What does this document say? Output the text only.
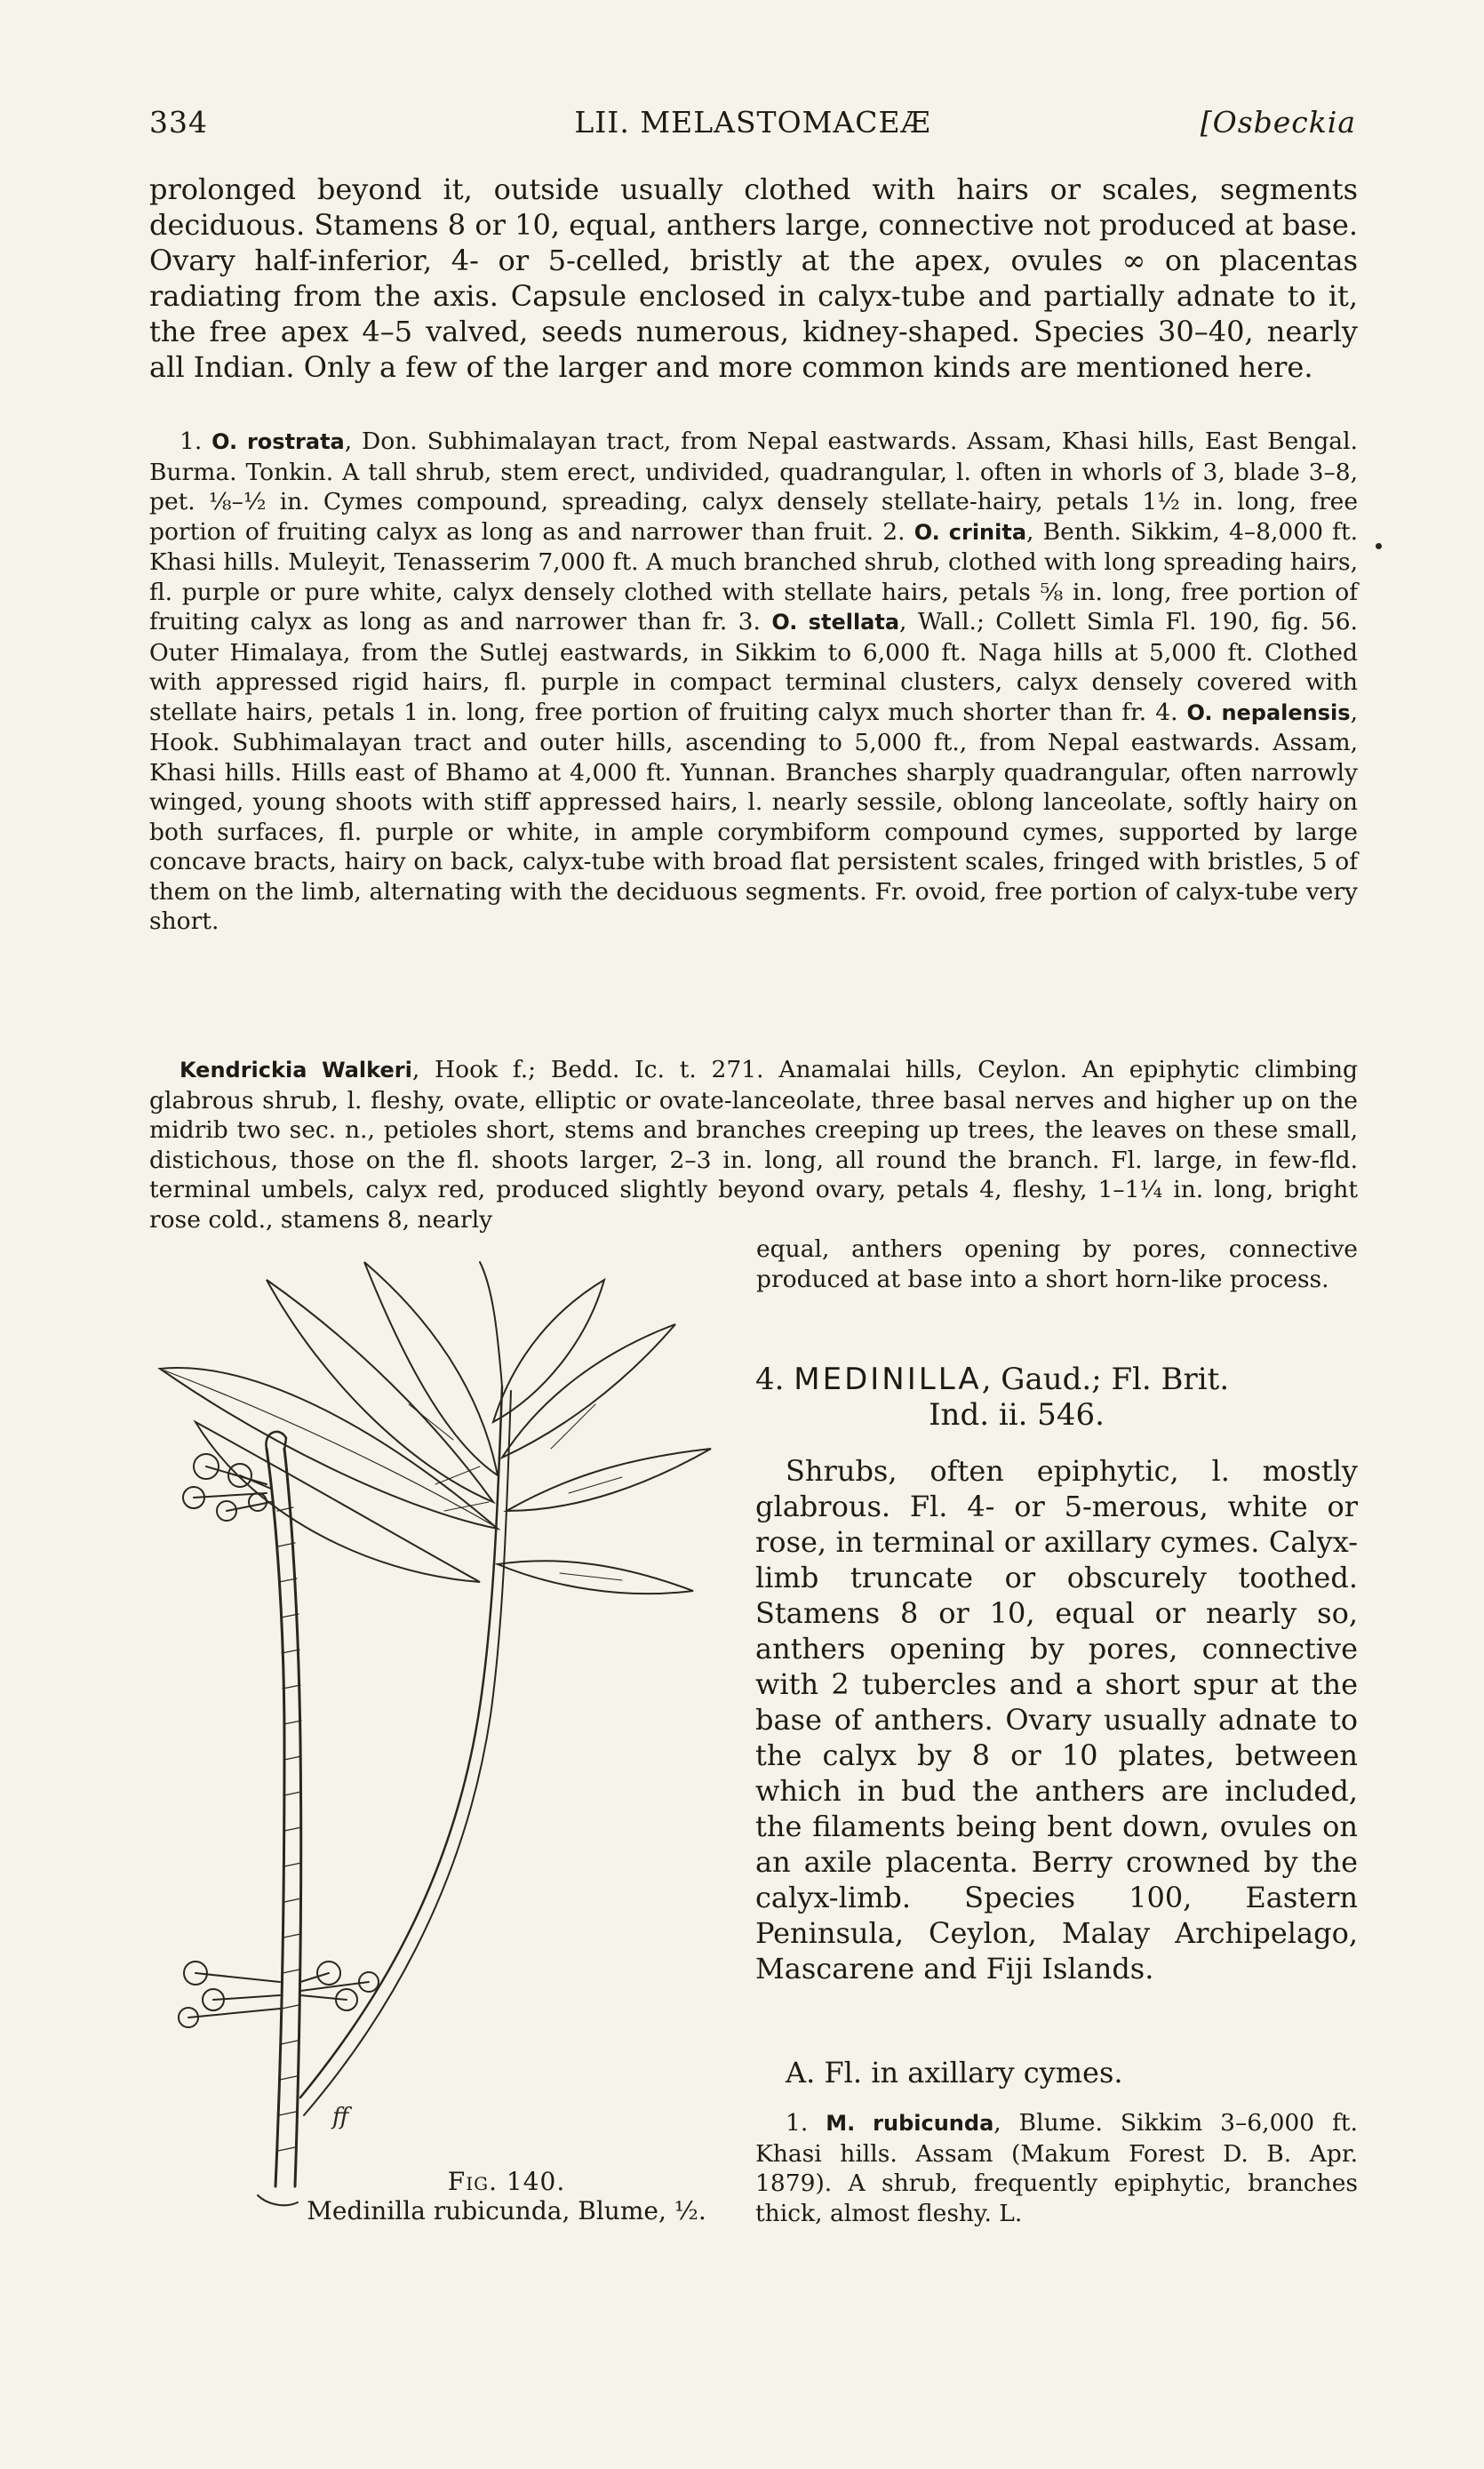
334	LII. MELASTOMACEÆ	[Osbeckia

prolonged beyond it, outside usually clothed with hairs or scales, segments deciduous. Stamens 8 or 10, equal, anthers large, connective not produced at base. Ovary half-inferior, 4- or 5-celled, bristly at the apex, ovules ∞ on placentas radiating from the axis. Capsule enclosed in calyx-tube and partially adnate to it, the free apex 4–5 valved, seeds numerous, kidney-shaped. Species 30–40, nearly all Indian. Only a few of the larger and more common kinds are mentioned here.

1. O. rostrata, Don. Subhimalayan tract, from Nepal eastwards. Assam, Khasi hills, East Bengal. Burma. Tonkin. A tall shrub, stem erect, undivided, quadrangular, l. often in whorls of 3, blade 3–8, pet. ⅛–½ in. Cymes compound, spreading, calyx densely stellate-hairy, petals 1½ in. long, free portion of fruiting calyx as long as and narrower than fruit. 2. O. crinita, Benth. Sikkim, 4–8,000 ft. Khasi hills. Muleyit, Tenasserim 7,000 ft. A much branched shrub, clothed with long spreading hairs, fl. purple or pure white, calyx densely clothed with stellate hairs, petals ⅝ in. long, free portion of fruiting calyx as long as and narrower than fr. 3. O. stellata, Wall.; Collett Simla Fl. 190, fig. 56. Outer Himalaya, from the Sutlej eastwards, in Sikkim to 6,000 ft. Naga hills at 5,000 ft. Clothed with appressed rigid hairs, fl. purple in compact terminal clusters, calyx densely covered with stellate hairs, petals 1 in. long, free portion of fruiting calyx much shorter than fr. 4. O. nepalensis, Hook. Subhimalayan tract and outer hills, ascending to 5,000 ft., from Nepal eastwards. Assam, Khasi hills. Hills east of Bhamo at 4,000 ft. Yunnan. Branches sharply quadrangular, often narrowly winged, young shoots with stiff appressed hairs, l. nearly sessile, oblong lanceolate, softly hairy on both surfaces, fl. purple or white, in ample corymbiform compound cymes, supported by large concave bracts, hairy on back, calyx-tube with broad flat persistent scales, fringed with bristles, 5 of them on the limb, alternating with the deciduous segments. Fr. ovoid, free portion of calyx-tube very short.

Kendrickia Walkeri, Hook f.; Bedd. Ic. t. 271. Anamalai hills, Ceylon. An epiphytic climbing glabrous shrub, l. fleshy, ovate, elliptic or ovate-lanceolate, three basal nerves and higher up on the midrib two sec. n., petioles short, stems and branches creeping up trees, the leaves on these small, distichous, those on the fl. shoots larger, 2–3 in. long, all round the branch. Fl. large, in few-fld. terminal umbels, calyx red, produced slightly beyond ovary, petals 4, fleshy, 1–1¼ in. long, bright rose cold., stamens 8, nearly

equal, anthers opening by pores, connective produced at base into a short horn-like process.

4. MEDINILLA, Gaud.; Fl. Brit.
Ind. ii. 546.

Shrubs, often epiphytic, l. mostly glabrous. Fl. 4- or 5-merous, white or rose, in terminal or axillary cymes. Calyx-limb truncate or obscurely toothed. Stamens 8 or 10, equal or nearly so, anthers opening by pores, connective with 2 tubercles and a short spur at the base of anthers. Ovary usually adnate to the calyx by 8 or 10 plates, between which in bud the anthers are included, the filaments being bent down, ovules on an axile placenta. Berry crowned by the calyx-limb. Species 100, Eastern Peninsula, Ceylon, Malay Archipelago, Mascarene and Fiji Islands.

A. Fl. in axillary cymes.

1. M. rubicunda, Blume. Sikkim 3–6,000 ft. Khasi hills. Assam (Makum Forest D. B. Apr. 1879). A shrub, frequently epiphytic, branches thick, almost fleshy. L.

ff
Fig. 140.
Medinilla rubicunda, Blume, ½.
